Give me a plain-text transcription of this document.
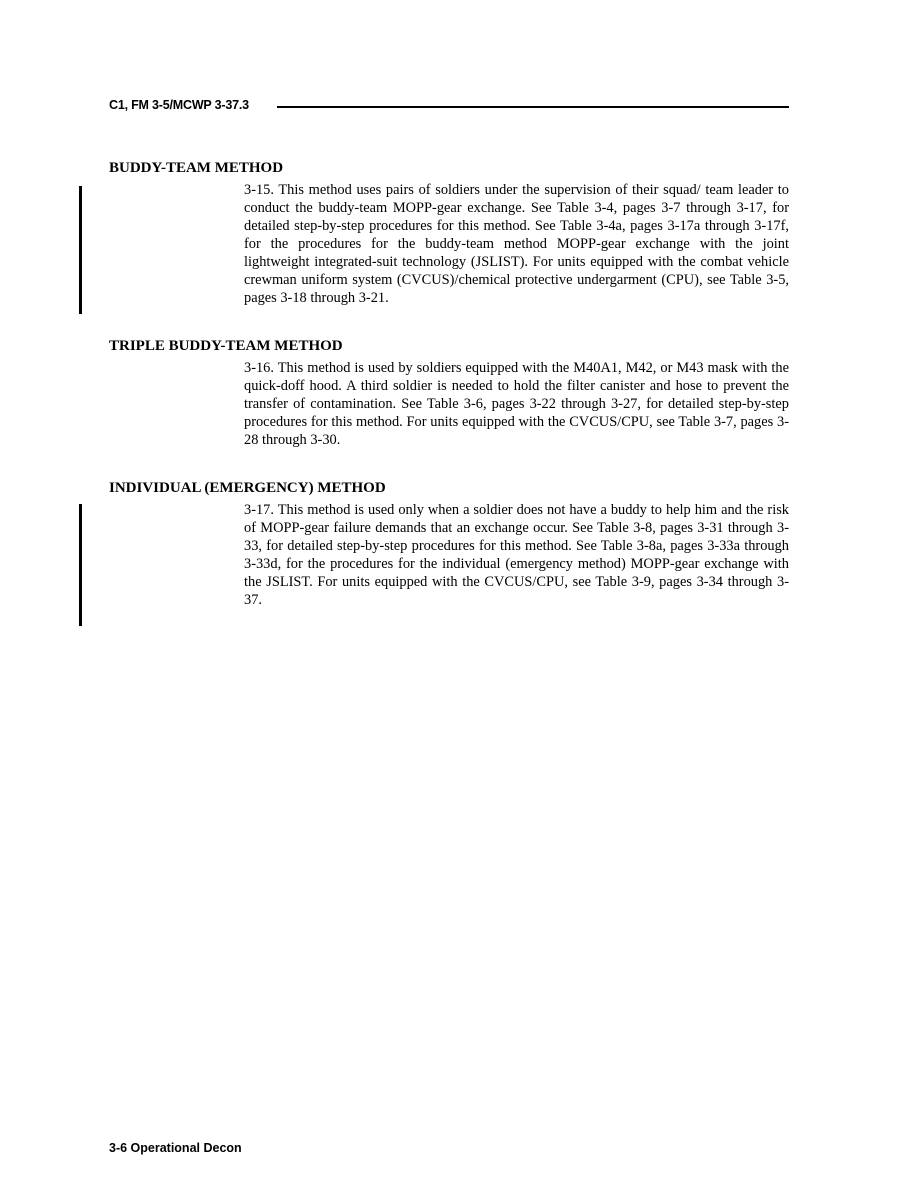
C1, FM 3-5/MCWP 3-37.3
BUDDY-TEAM METHOD

3-15. This method uses pairs of soldiers under the supervision of their squad/ team leader to conduct the buddy-team MOPP-gear exchange. See Table 3-4, pages 3-7 through 3-17, for detailed step-by-step procedures for this method. See Table 3-4a, pages 3-17a through 3-17f, for the procedures for the buddy-team method MOPP-gear exchange with the joint lightweight integrated-suit technology (JSLIST). For units equipped with the combat vehicle crewman uniform system (CVCUS)/chemical protective undergarment (CPU), see Table 3-5, pages 3-18 through 3-21.

TRIPLE BUDDY-TEAM METHOD

3-16. This method is used by soldiers equipped with the M40A1, M42, or M43 mask with the quick-doff hood. A third soldier is needed to hold the filter canister and hose to prevent the transfer of contamination. See Table 3-6, pages 3-22 through 3-27, for detailed step-by-step procedures for this method. For units equipped with the CVCUS/CPU, see Table 3-7, pages 3-28 through 3-30.

INDIVIDUAL (EMERGENCY) METHOD

3-17. This method is used only when a soldier does not have a buddy to help him and the risk of MOPP-gear failure demands that an exchange occur. See Table 3-8, pages 3-31 through 3-33, for detailed step-by-step procedures for this method. See Table 3-8a, pages 3-33a through 3-33d, for the procedures for the individual (emergency method) MOPP-gear exchange with the JSLIST. For units equipped with the CVCUS/CPU, see Table 3-9, pages 3-34 through 3-37.

3-6 Operational Decon
